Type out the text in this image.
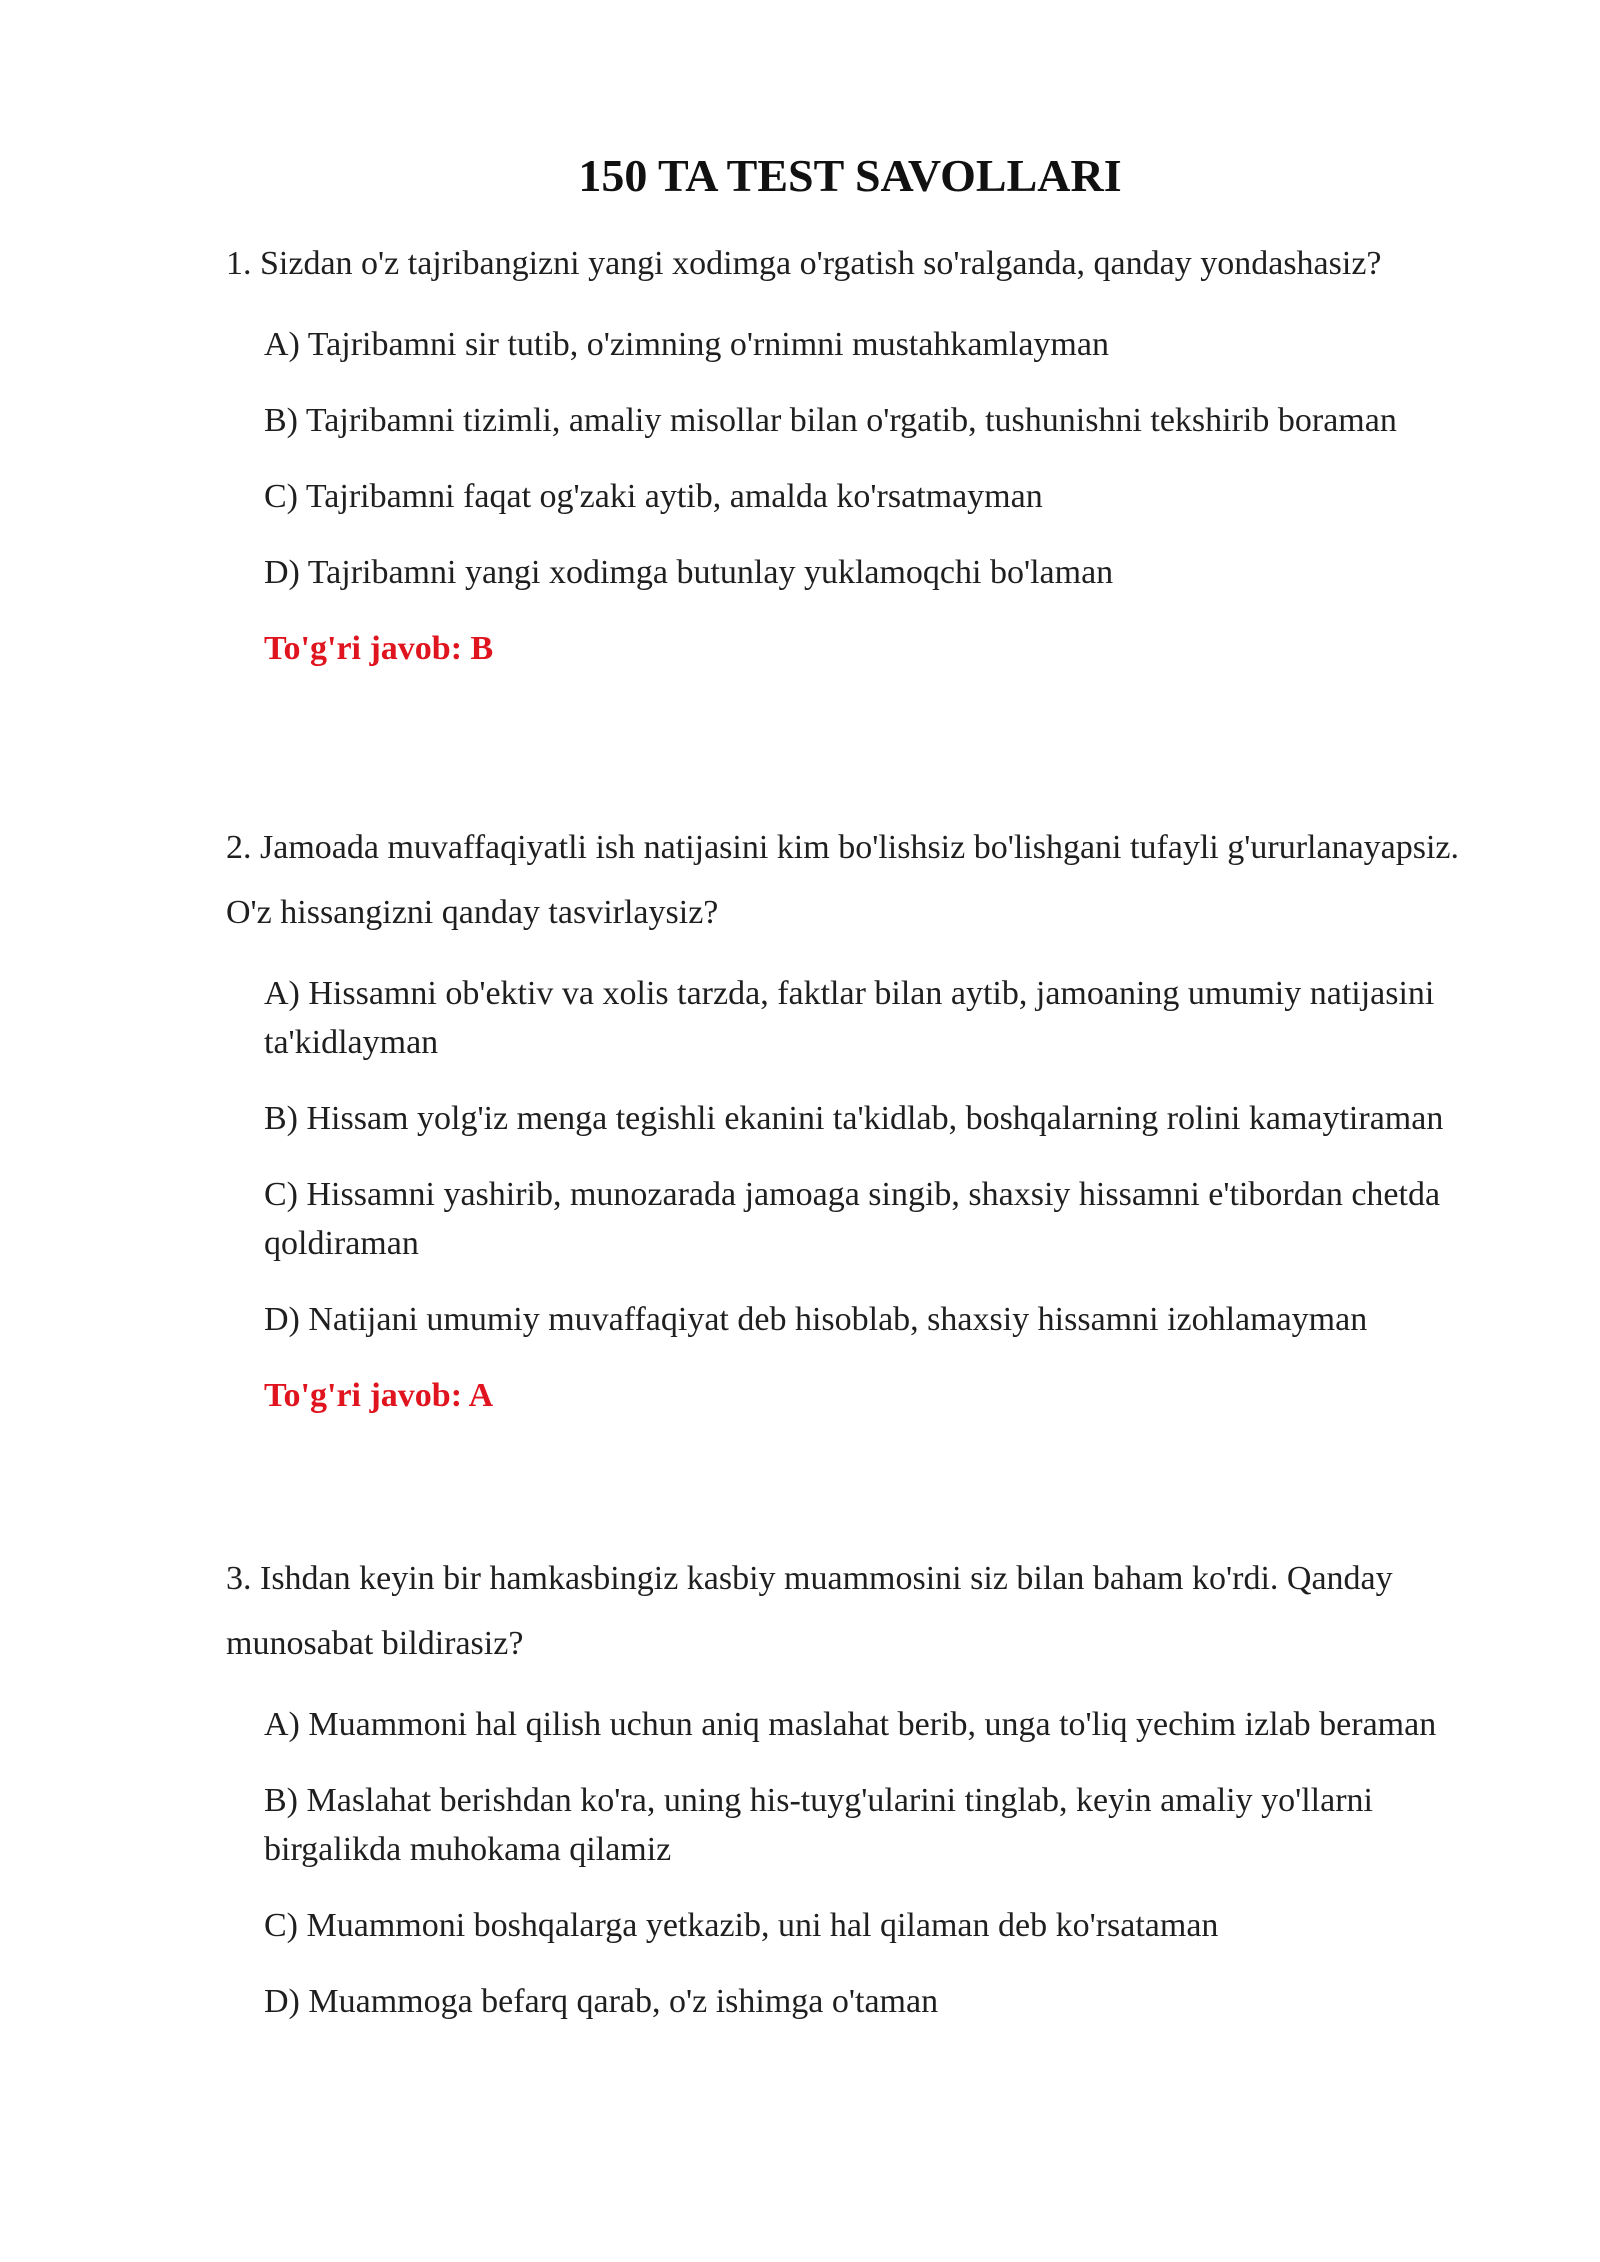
150 TA TEST SAVOLLARI

1. Sizdan o'z tajribangizni yangi xodimga o'rgatish so'ralganda, qanday yondashasiz?

A) Tajribamni sir tutib, o'zimning o'rnimni mustahkamlayman
B) Tajribamni tizimli, amaliy misollar bilan o'rgatib, tushunishni tekshirib boraman
C) Tajribamni faqat og'zaki aytib, amalda ko'rsatmayman
D) Tajribamni yangi xodimga butunlay yuklamoqchi bo'laman
To'g'ri javob: B

2. Jamoada muvaffaqiyatli ish natijasini kim bo'lishsiz bo'lishgani tufayli g'ururlanayapsiz. O'z hissangizni qanday tasvirlaysiz?

A) Hissamni ob'ektiv va xolis tarzda, faktlar bilan aytib, jamoaning umumiy natijasini ta'kidlayman
B) Hissam yolg'iz menga tegishli ekanini ta'kidlab, boshqalarning rolini kamaytiraman
C) Hissamni yashirib, munozarada jamoaga singib, shaxsiy hissamni e'tibordan chetda qoldiraman
D) Natijani umumiy muvaffaqiyat deb hisoblab, shaxsiy hissamni izohlamayman
To'g'ri javob: A

3. Ishdan keyin bir hamkasbingiz kasbiy muammosini siz bilan baham ko'rdi. Qanday munosabat bildirasiz?

A) Muammoni hal qilish uchun aniq maslahat berib, unga to'liq yechim izlab beraman
B) Maslahat berishdan ko'ra, uning his-tuyg'ularini tinglab, keyin amaliy yo'llarni birgalikda muhokama qilamiz
C) Muammoni boshqalarga yetkazib, uni hal qilaman deb ko'rsataman
D) Muammoga befarq qarab, o'z ishimga o'taman
